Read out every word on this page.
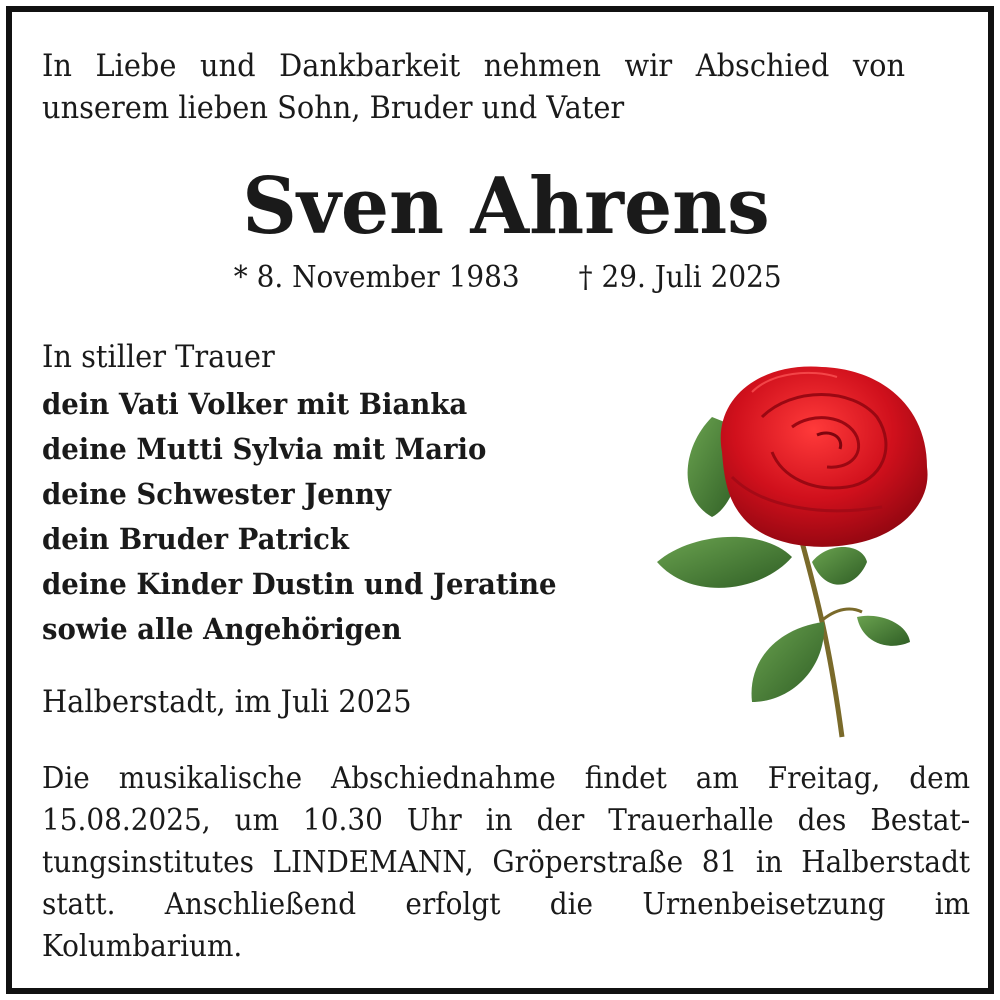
In Liebe und Dankbarkeit nehmen wir Abschied von
unserem lieben Sohn, Bruder und Vater
Sven Ahrens
* 8. November 1983 † 29. Juli 2025
In stiller Trauer
dein Vati Volker mit Bianka
deine Mutti Sylvia mit Mario
deine Schwester Jenny
dein Bruder Patrick
deine Kinder Dustin und Jeratine
sowie alle Angehörigen
Halberstadt, im Juli 2025
Die musikalische Abschiednahme findet am Freitag, dem
15.08.2025, um 10.30 Uhr in der Trauerhalle des Bestat-
tungsinstitutes LINDEMANN, Gröperstraße 81 in Halberstadt
statt. Anschließend erfolgt die Urnenbeisetzung im
Kolumbarium.
